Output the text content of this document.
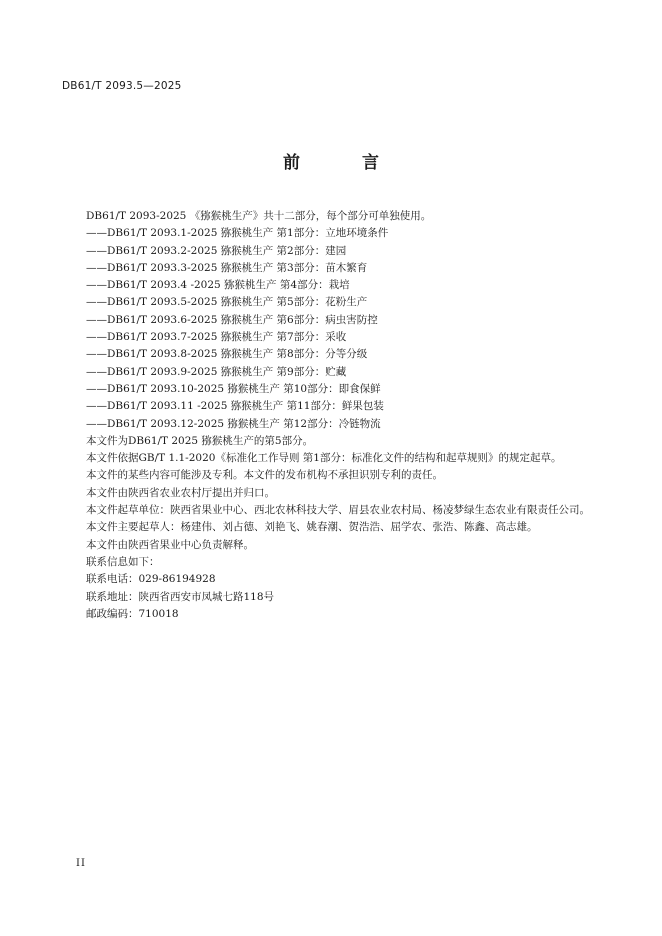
DB61/T 2093.5—2025
前 言

DB61/T 2093-2025 《猕猴桃生产》共十二部分，每个部分可单独使用。

——DB61/T 2093.1-2025 猕猴桃生产 第1部分：立地环境条件

——DB61/T 2093.2-2025 猕猴桃生产 第2部分：建园

——DB61/T 2093.3-2025 猕猴桃生产 第3部分：苗木繁育

——DB61/T 2093.4 -2025 猕猴桃生产 第4部分：栽培

——DB61/T 2093.5-2025 猕猴桃生产 第5部分：花粉生产

——DB61/T 2093.6-2025 猕猴桃生产 第6部分：病虫害防控

——DB61/T 2093.7-2025 猕猴桃生产 第7部分：采收

——DB61/T 2093.8-2025 猕猴桃生产 第8部分：分等分级

——DB61/T 2093.9-2025 猕猴桃生产 第9部分：贮藏

——DB61/T 2093.10-2025 猕猴桃生产 第10部分：即食保鲜

——DB61/T 2093.11 -2025 猕猴桃生产 第11部分：鲜果包装

——DB61/T 2093.12-2025 猕猴桃生产 第12部分：冷链物流

本文件为DB61/T 2025 猕猴桃生产的第5部分。

本文件依据GB/T 1.1-2020《标准化工作导则 第1部分：标准化文件的结构和起草规则》的规定起草。

本文件的某些内容可能涉及专利。本文件的发布机构不承担识别专利的责任。

本文件由陕西省农业农村厅提出并归口。

本文件起草单位：陕西省果业中心、西北农林科技大学、眉县农业农村局、杨凌梦绿生态农业有限责任公司。

本文件主要起草人：杨建伟、刘占德、刘艳飞、姚春潮、贺浩浩、屈学农、张浩、陈鑫、高志雄。

本文件由陕西省果业中心负责解释。

联系信息如下：

联系电话：029-86194928

联系地址：陕西省西安市凤城七路118号

邮政编码：710018

II
